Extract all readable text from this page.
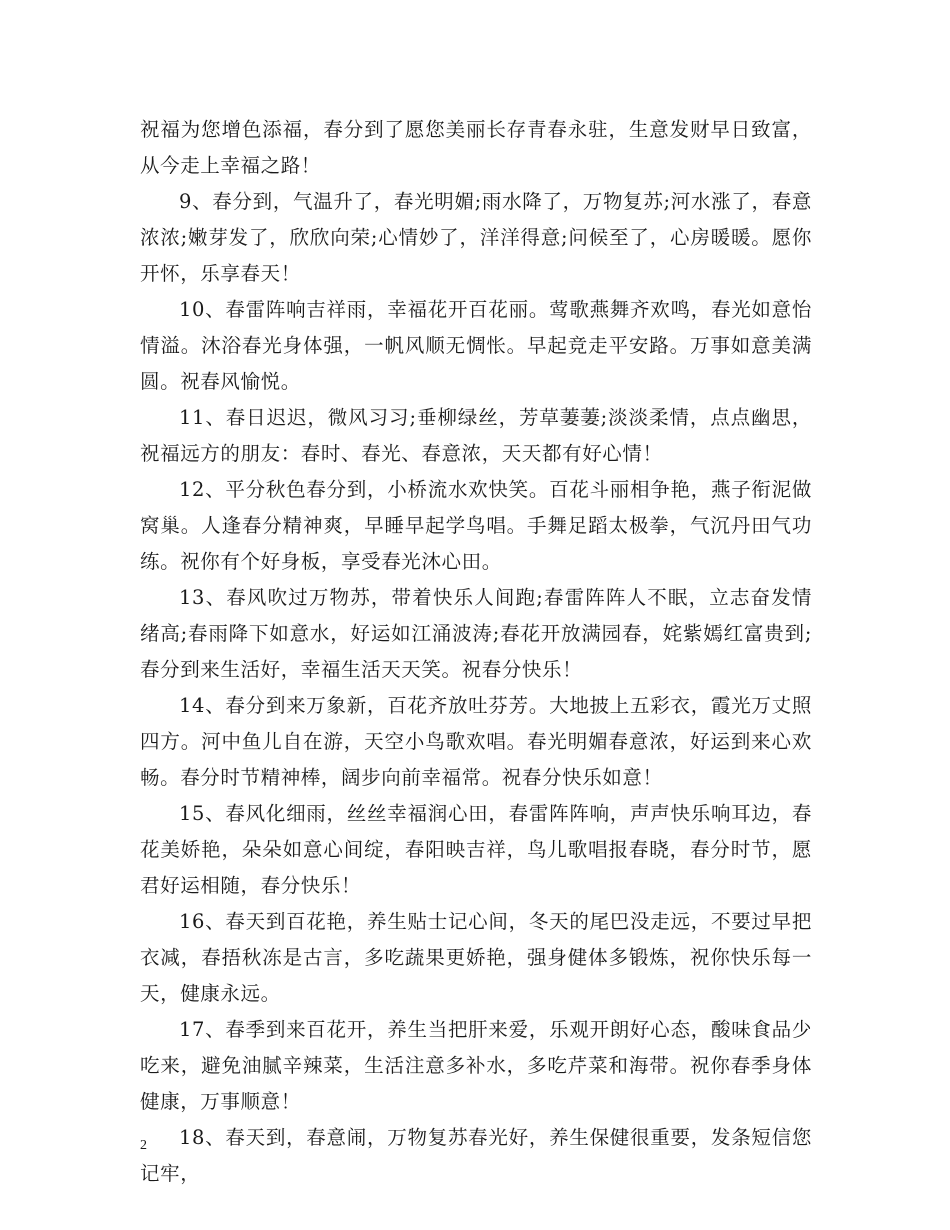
祝福为您增色添福，春分到了愿您美丽长存青春永驻，生意发财早日致富，从今走上幸福之路！

9、春分到，气温升了，春光明媚;雨水降了，万物复苏;河水涨了，春意浓浓;嫩芽发了，欣欣向荣;心情妙了，洋洋得意;问候至了，心房暖暖。愿你开怀，乐享春天！

10、春雷阵响吉祥雨，幸福花开百花丽。莺歌燕舞齐欢鸣，春光如意怡情溢。沐浴春光身体强，一帆风顺无惆怅。早起竞走平安路。万事如意美满圆。祝春风愉悦。

11、春日迟迟，微风习习;垂柳绿丝，芳草萋萋;淡淡柔情，点点幽思，祝福远方的朋友：春时、春光、春意浓，天天都有好心情！

12、平分秋色春分到，小桥流水欢快笑。百花斗丽相争艳，燕子衔泥做窝巢。人逢春分精神爽，早睡早起学鸟唱。手舞足蹈太极拳，气沉丹田气功练。祝你有个好身板，享受春光沐心田。

13、春风吹过万物苏，带着快乐人间跑;春雷阵阵人不眠，立志奋发情绪高;春雨降下如意水，好运如江涌波涛;春花开放满园春，姹紫嫣红富贵到;春分到来生活好，幸福生活天天笑。祝春分快乐！

14、春分到来万象新，百花齐放吐芬芳。大地披上五彩衣，霞光万丈照四方。河中鱼儿自在游，天空小鸟歌欢唱。春光明媚春意浓，好运到来心欢畅。春分时节精神棒，阔步向前幸福常。祝春分快乐如意！

15、春风化细雨，丝丝幸福润心田，春雷阵阵响，声声快乐响耳边，春花美娇艳，朵朵如意心间绽，春阳映吉祥，鸟儿歌唱报春晓，春分时节，愿君好运相随，春分快乐！

16、春天到百花艳，养生贴士记心间，冬天的尾巴没走远，不要过早把衣减，春捂秋冻是古言，多吃蔬果更娇艳，强身健体多锻炼，祝你快乐每一天，健康永远。

17、春季到来百花开，养生当把肝来爱，乐观开朗好心态，酸味食品少吃来，避免油腻辛辣菜，生活注意多补水，多吃芹菜和海带。祝你春季身体健康，万事顺意！

18、春天到，春意闹，万物复苏春光好，养生保健很重要，发条短信您记牢，

2
